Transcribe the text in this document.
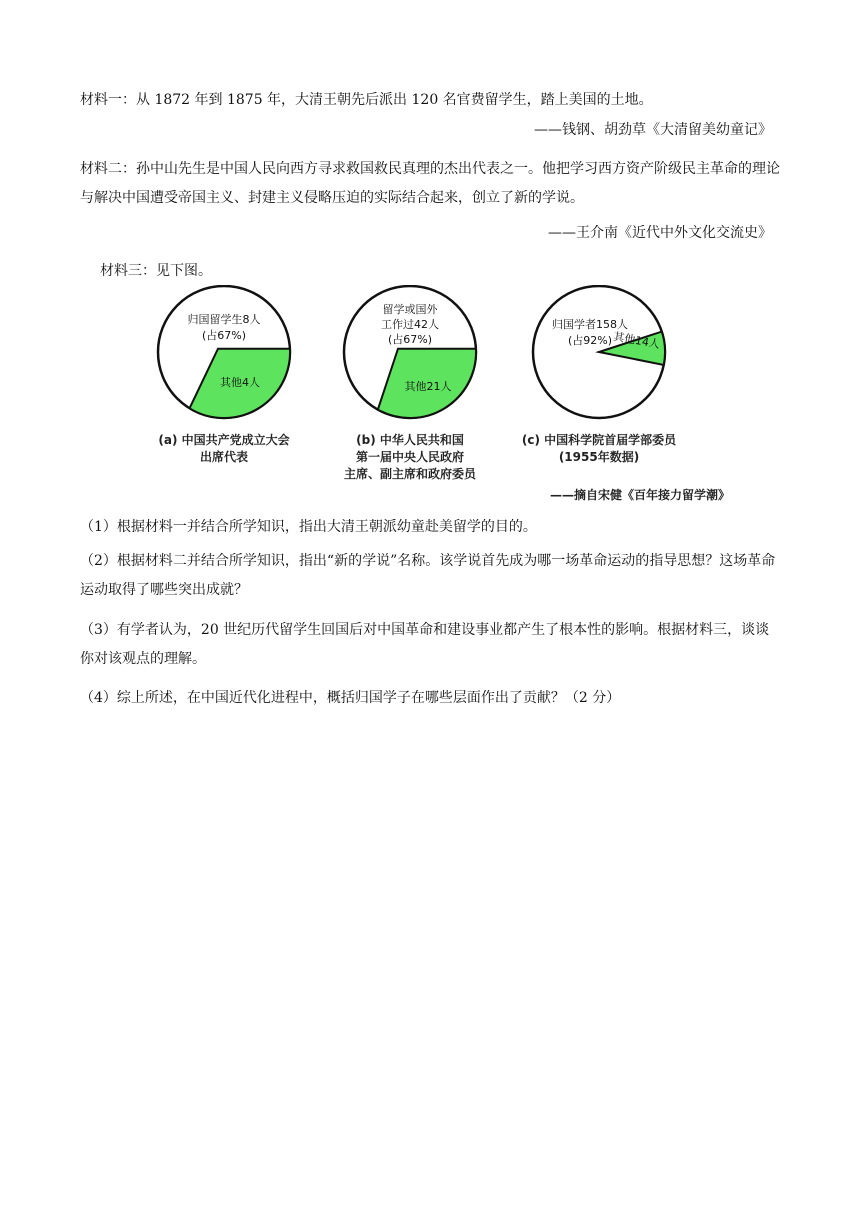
材料一：从 1872 年到 1875 年，大清王朝先后派出 120 名官费留学生，踏上美国的土地。

——钱钢、胡劲草《大清留美幼童记》

材料二：孙中山先生是中国人民向西方寻求救国救民真理的杰出代表之一。他把学习西方资产阶级民主革命的理论与解决中国遭受帝国主义、封建主义侵略压迫的实际结合起来，创立了新的学说。

——王介南《近代中外文化交流史》

材料三：见下图。

归国留学生8人
(占67%)
其他4人
(a) 中国共产党成立大会
出席代表
留学或国外
工作过42人
(占67%)
其他21人
(b) 中华人民共和国
第一届中央人民政府
主席、副主席和政府委员
归国学者158人
(占92%) 其他14人
(c) 中国科学院首届学部委员
(1955年数据)
——摘自宋健《百年接力留学潮》

（1）根据材料一并结合所学知识，指出大清王朝派幼童赴美留学的目的。

（2）根据材料二并结合所学知识，指出“新的学说”名称。该学说首先成为哪一场革命运动的指导思想？这场革命运动取得了哪些突出成就？

（3）有学者认为，20 世纪历代留学生回国后对中国革命和建设事业都产生了根本性的影响。根据材料三，谈谈你对该观点的理解。

（4）综上所述，在中国近代化进程中，概括归国学子在哪些层面作出了贡献？（2 分）
